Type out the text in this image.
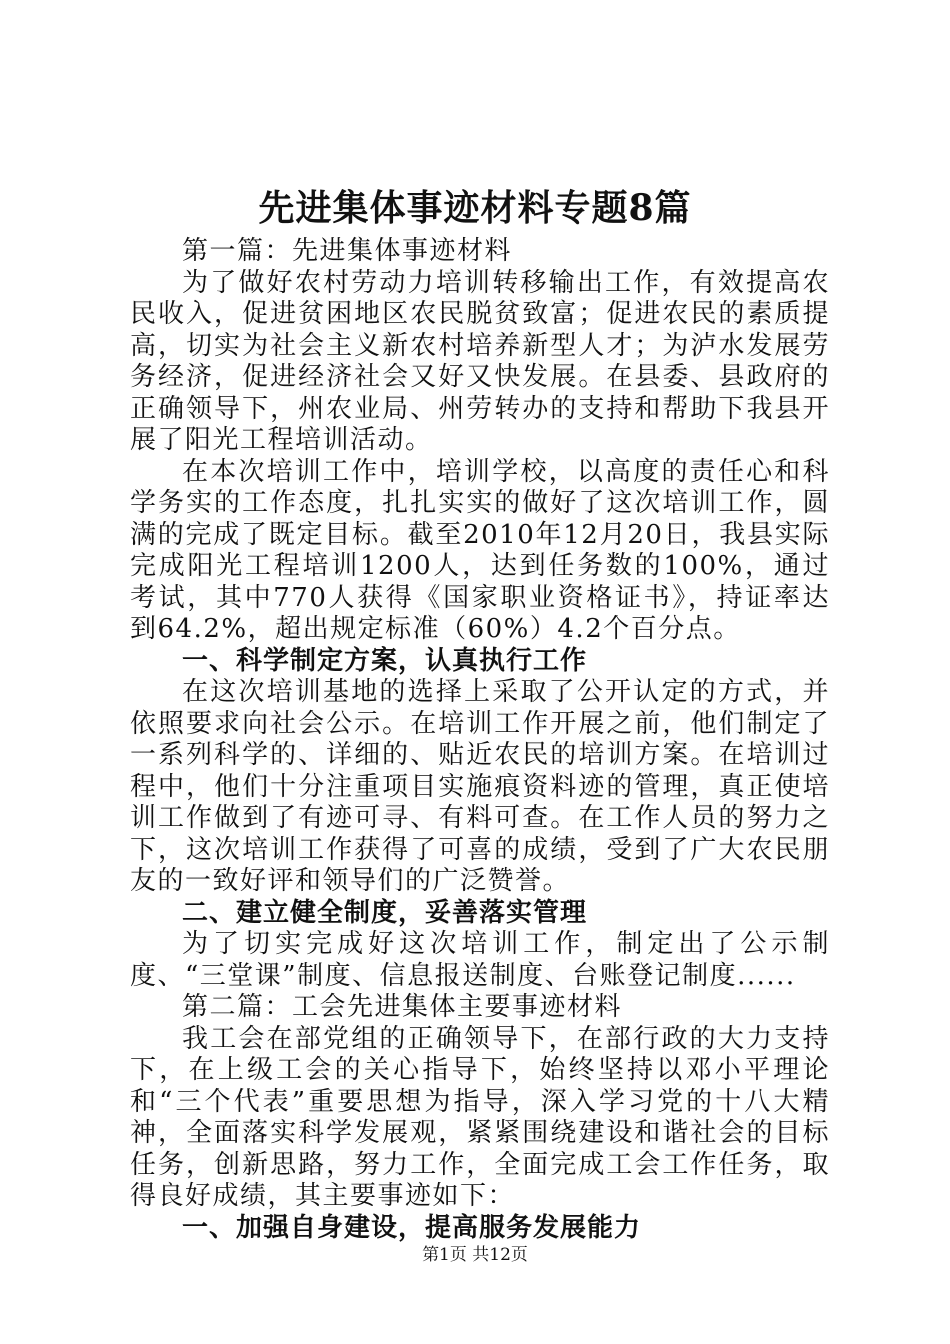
先进集体事迹材料专题8篇

第一篇：先进集体事迹材料

为了做好农村劳动力培训转移输出工作，有效提高农民收入，促进贫困地区农民脱贫致富；促进农民的素质提高，切实为社会主义新农村培养新型人才；为泸水发展劳务经济，促进经济社会又好又快发展。在县委、县政府的正确领导下，州农业局、州劳转办的支持和帮助下我县开展了阳光工程培训活动。

在本次培训工作中，培训学校，以高度的责任心和科学务实的工作态度，扎扎实实的做好了这次培训工作，圆满的完成了既定目标。截至2010年12月20日，我县实际完成阳光工程培训1200人，达到任务数的100%，通过考试，其中770人获得《国家职业资格证书》，持证率达到64.2%，超出规定标准（60%）4.2个百分点。

一、科学制定方案，认真执行工作

在这次培训基地的选择上采取了公开认定的方式，并依照要求向社会公示。在培训工作开展之前，他们制定了一系列科学的、详细的、贴近农民的培训方案。在培训过程中，他们十分注重项目实施痕资料迹的管理，真正使培训工作做到了有迹可寻、有料可查。在工作人员的努力之下，这次培训工作获得了可喜的成绩，受到了广大农民朋友的一致好评和领导们的广泛赞誉。

二、建立健全制度，妥善落实管理

为了切实完成好这次培训工作，制定出了公示制度、“三堂课”制度、信息报送制度、台账登记制度......

第二篇：工会先进集体主要事迹材料

我工会在部党组的正确领导下，在部行政的大力支持下，在上级工会的关心指导下，始终坚持以邓小平理论和“三个代表”重要思想为指导，深入学习党的十八大精神，全面落实科学发展观，紧紧围绕建设和谐社会的目标任务，创新思路，努力工作，全面完成工会工作任务，取得良好成绩，其主要事迹如下：

一、加强自身建设，提高服务发展能力

第1页 共12页
